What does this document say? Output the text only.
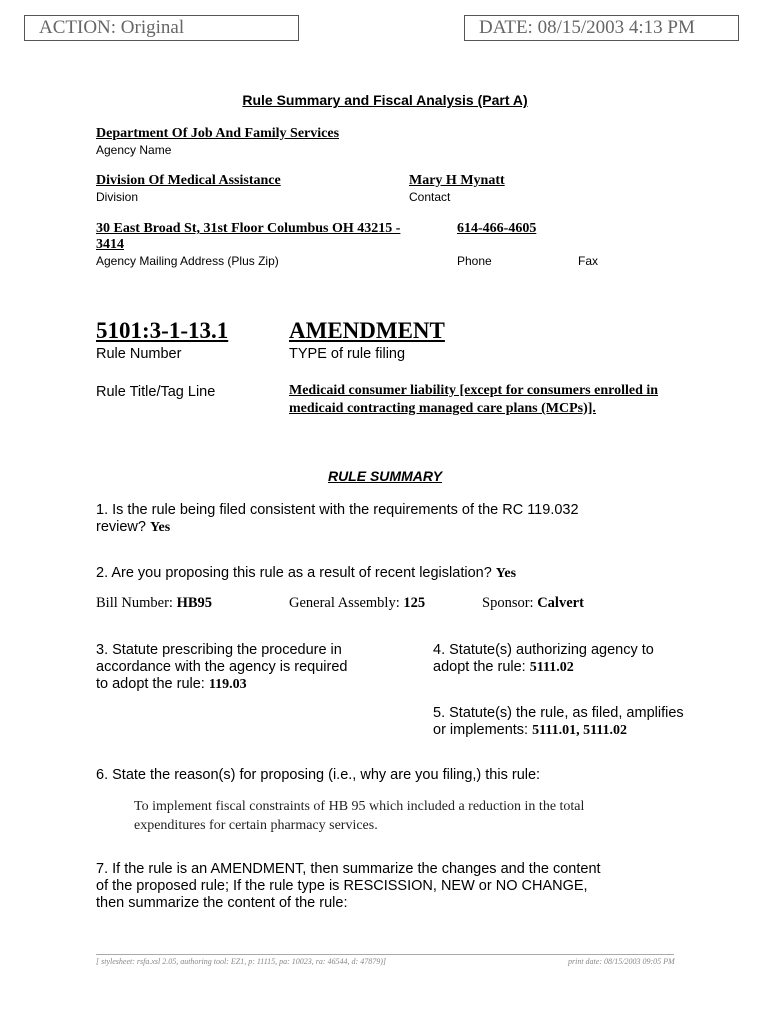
ACTION: Original	DATE: 08/15/2003 4:13 PM
Rule Summary and Fiscal Analysis (Part A)
Department Of Job And Family Services
Agency Name
Division Of Medical Assistance
Division
Mary H Mynatt
Contact
30 East Broad St, 31st Floor Columbus OH 43215 -
3414
Agency Mailing Address (Plus Zip)
614-466-4605
Phone	Fax
5101:3-1-13.1
Rule Number
AMENDMENT
TYPE of rule filing
Rule Title/Tag Line	Medicaid consumer liability [except for consumers enrolled in
medicaid contracting managed care plans (MCPs)].
RULE SUMMARY
1. Is the rule being filed consistent with the requirements of the RC 119.032
review? Yes
2. Are you proposing this rule as a result of recent legislation? Yes
Bill Number: HB95	General Assembly: 125	Sponsor: Calvert
3. Statute prescribing the procedure in
accordance with the agency is required
to adopt the rule: 119.03
4. Statute(s) authorizing agency to
adopt the rule: 5111.02
5. Statute(s) the rule, as filed, amplifies
or implements: 5111.01, 5111.02
6. State the reason(s) for proposing (i.e., why are you filing,) this rule:
To implement fiscal constraints of HB 95 which included a reduction in the total
expenditures for certain pharmacy services.
7. If the rule is an AMENDMENT, then summarize the changes and the content
of the proposed rule; If the rule type is RESCISSION, NEW or NO CHANGE,
then summarize the content of the rule:
[ stylesheet: rsfa.xsl 2.05, authoring tool: EZ1, p: 11115, pa: 10023, ra: 46544, d: 47879)]	print date: 08/15/2003 09:05 PM
